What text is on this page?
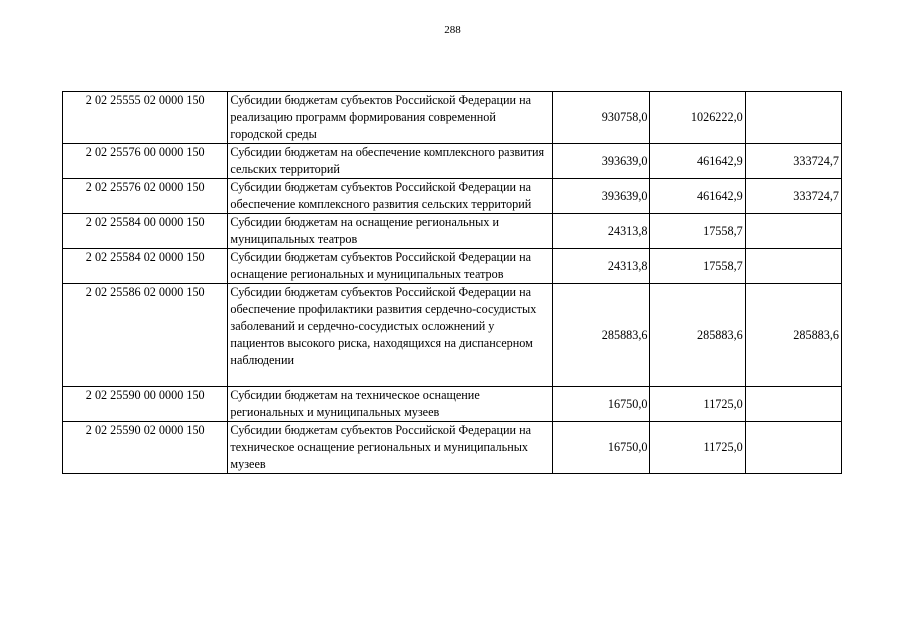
288
2 02 25555 02 0000 150	Субсидии бюджетам субъектов Российской Федерации на реализацию программ формирования современной городской среды	930758,0	1026222,0	
2 02 25576 00 0000 150	Субсидии бюджетам на обеспечение комплексного развития сельских территорий	393639,0	461642,9	333724,7
2 02 25576 02 0000 150	Субсидии бюджетам субъектов Российской Федерации на обеспечение комплексного развития сельских территорий	393639,0	461642,9	333724,7
2 02 25584 00 0000 150	Субсидии бюджетам на оснащение региональных и муниципальных театров	24313,8	17558,7	
2 02 25584 02 0000 150	Субсидии бюджетам субъектов Российской Федерации на оснащение региональных и муниципальных театров	24313,8	17558,7	
2 02 25586 02 0000 150	Субсидии бюджетам субъектов Российской Федерации на обеспечение профилактики развития сердечно-сосудистых заболеваний и сердечно-сосудистых осложнений у пациентов высокого риска, находящихся на диспансерном наблюдении	285883,6	285883,6	285883,6
2 02 25590 00 0000 150	Субсидии бюджетам на техническое оснащение региональных и муниципальных музеев	16750,0	11725,0	
2 02 25590 02 0000 150	Субсидии бюджетам субъектов Российской Федерации на техническое оснащение региональных и муниципальных музеев	16750,0	11725,0	
